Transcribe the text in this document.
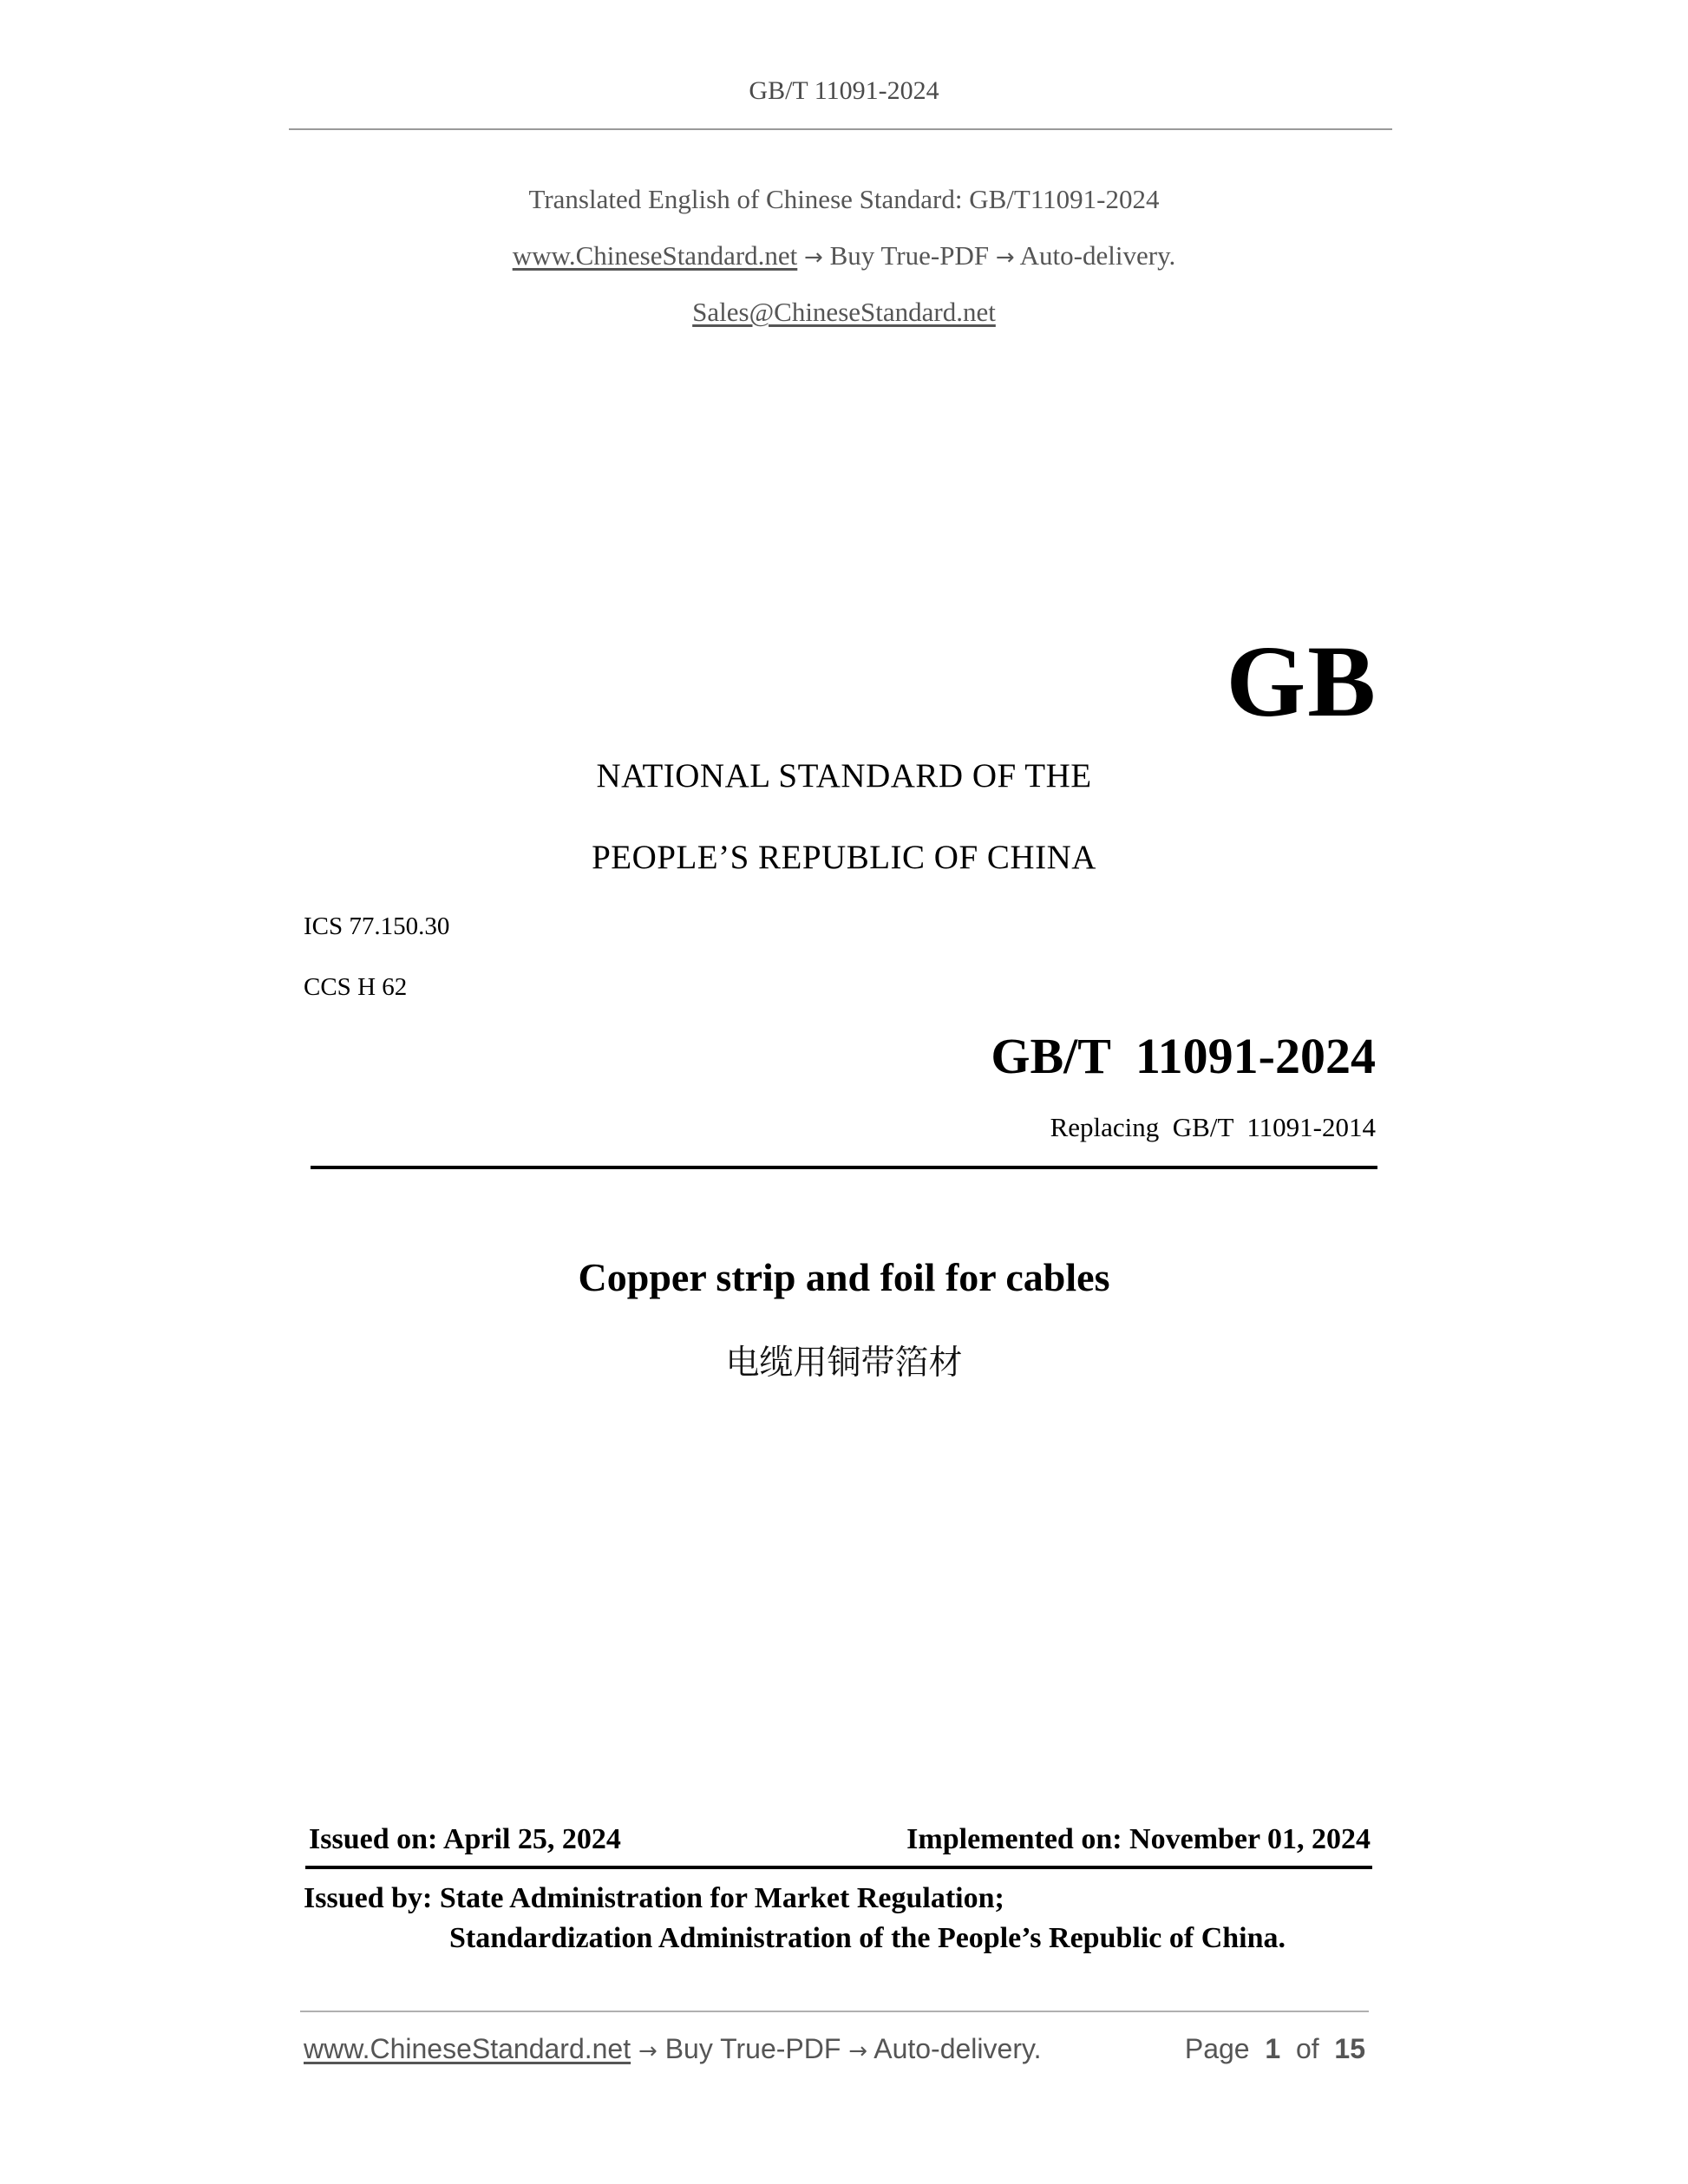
GB/T 11091-2024
Translated English of Chinese Standard: GB/T11091-2024
www.ChineseStandard.net → Buy True-PDF → Auto-delivery.
Sales@ChineseStandard.net
GB
NATIONAL STANDARD OF THE
PEOPLE’S REPUBLIC OF CHINA
ICS 77.150.30
CCS H 62
GB/T  11091-2024
Replacing  GB/T  11091-2014
Copper strip and foil for cables
电缆用铜带箔材
Issued on: April 25, 2024	Implemented on: November 01, 2024
Issued by: State Administration for Market Regulation;
Standardization Administration of the People’s Republic of China.
www.ChineseStandard.net → Buy True-PDF → Auto-delivery.	Page 1 of 15
